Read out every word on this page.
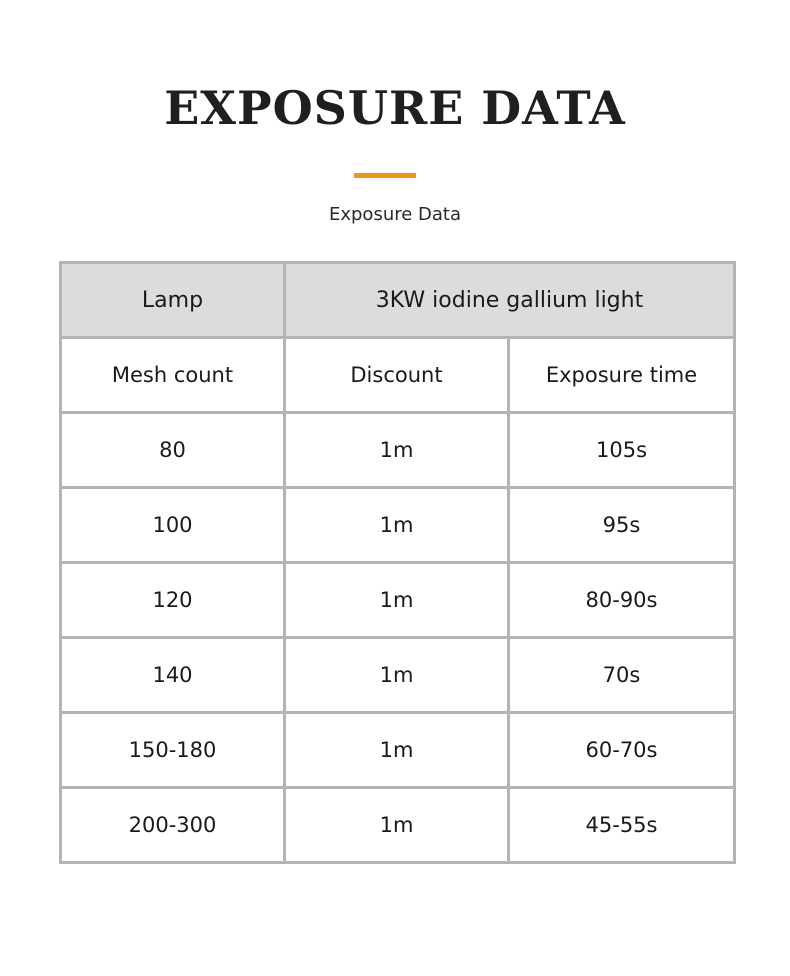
EXPOSURE DATA
Exposure Data
Lamp	3KW iodine gallium light	
Mesh count	Discount	Exposure time
80	1m	105s
100	1m	95s
120	1m	80-90s
140	1m	70s
150-180	1m	60-70s
200-300	1m	45-55s
